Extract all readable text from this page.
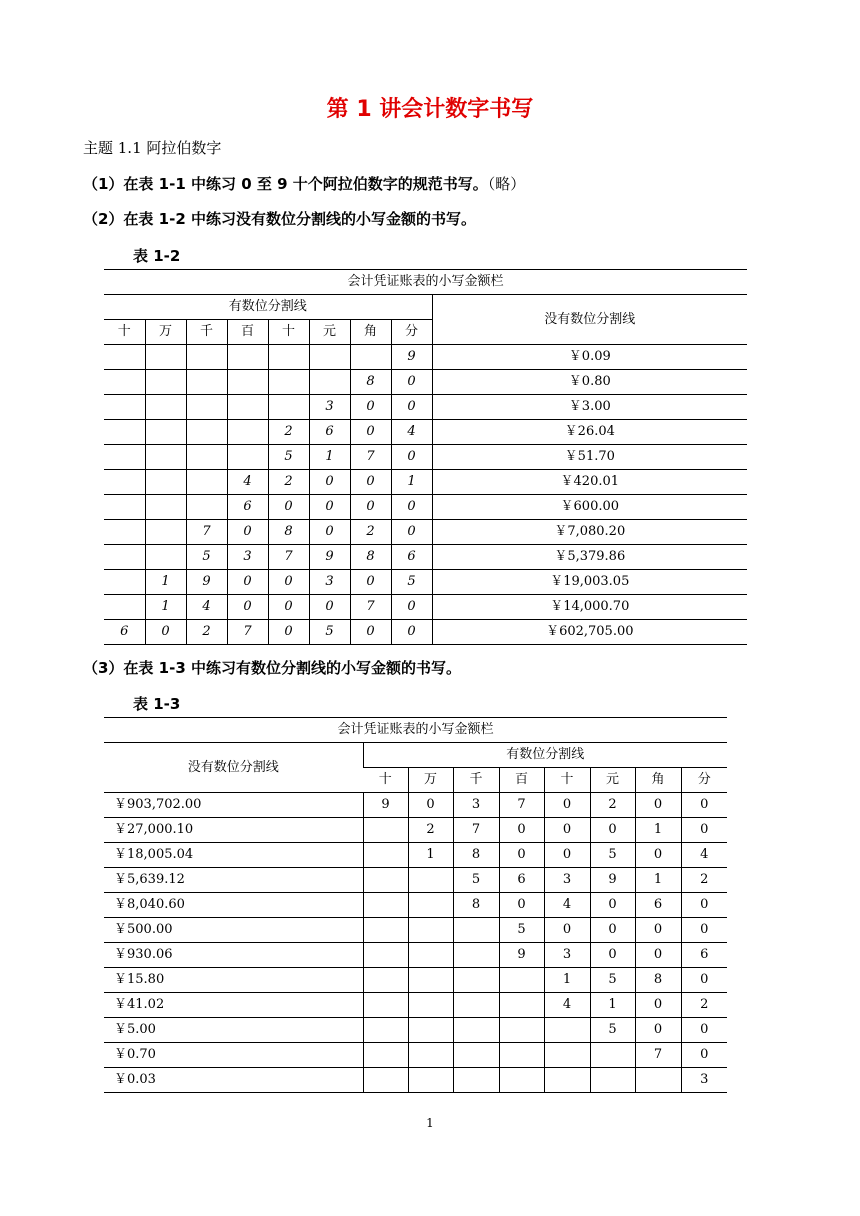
第 1 讲会计数字书写
主题 1.1 阿拉伯数字
（1）在表 1-1 中练习 0 至 9 十个阿拉伯数字的规范书写。（略）
（2）在表 1-2 中练习没有数位分割线的小写金额的书写。
表 1-2
会计凭证账表的小写金额栏								
有数位分割线								没有数位分割线
十	万	千	百	十	元	角	分	
							9	￥0.09
						8	0	￥0.80
					3	0	0	￥3.00
				2	6	0	4	￥26.04
				5	1	7	0	￥51.70
			4	2	0	0	1	￥420.01
			6	0	0	0	0	￥600.00
		7	0	8	0	2	0	￥7,080.20
		5	3	7	9	8	6	￥5,379.86
	1	9	0	0	3	0	5	￥19,003.05
	1	4	0	0	0	7	0	￥14,000.70
6	0	2	7	0	5	0	0	￥602,705.00
（3）在表 1-3 中练习有数位分割线的小写金额的书写。
表 1-3
会计凭证账表的小写金额栏								
没有数位分割线	有数位分割线							
	十	万	千	百	十	元	角	分
￥903,702.00	9	0	3	7	0	2	0	0
￥27,000.10		2	7	0	0	0	1	0
￥18,005.04		1	8	0	0	5	0	4
￥5,639.12			5	6	3	9	1	2
￥8,040.60			8	0	4	0	6	0
￥500.00				5	0	0	0	0
￥930.06				9	3	0	0	6
￥15.80					1	5	8	0
￥41.02					4	1	0	2
￥5.00						5	0	0
￥0.70							7	0
￥0.03								3
1
